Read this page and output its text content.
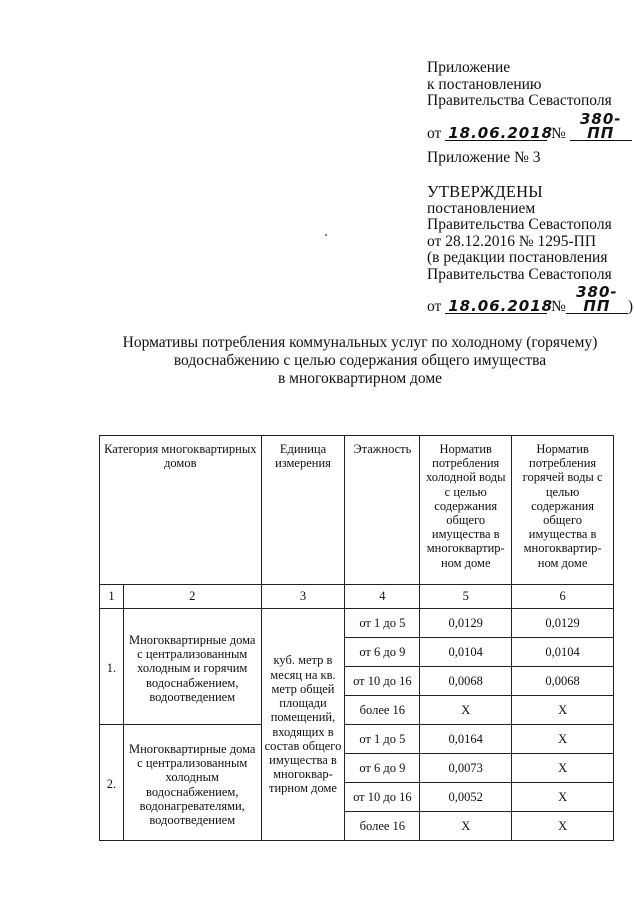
Приложение
к постановлению
Правительства Севастополя
от 18.06.2018 № 380-ПП
Приложение № 3
УТВЕРЖДЕНЫ
постановлением
Правительства Севастополя
от 28.12.2016 № 1295-ПП
(в редакции постановления
Правительства Севастополя
от 18.06.2018 №380-ПП )
Нормативы потребления коммунальных услуг по холодному (горячему)
водоснабжению с целью содержания общего имущества
в многоквартирном доме
Категория многоквартирных домов		Единица измерения	Этажность	Норматив потребления холодной воды с целью содержания общего имущества в многоквартир-ном доме	Норматив потребления горячей воды с целью содержания общего имущества в многоквартир-ном доме
1	2	3	4	5	6
1.	Многоквартирные дома с централизованным холодным и горячим водоснабжением, водоотведением	куб. метр в месяц на кв. метр общей площади помещений, входящих в состав общего имущества в многоквар-тирном доме	от 1 до 5	0,0129	0,0129
			от 6 до 9	0,0104	0,0104
			от 10 до 16	0,0068	0,0068
			более 16	X	X
2.	Многоквартирные дома с централизованным холодным водоснабжением, водонагревателями, водоотведением		от 1 до 5	0,0164	X
			от 6 до 9	0,0073	X
			от 10 до 16	0,0052	X
			более 16	X	X
